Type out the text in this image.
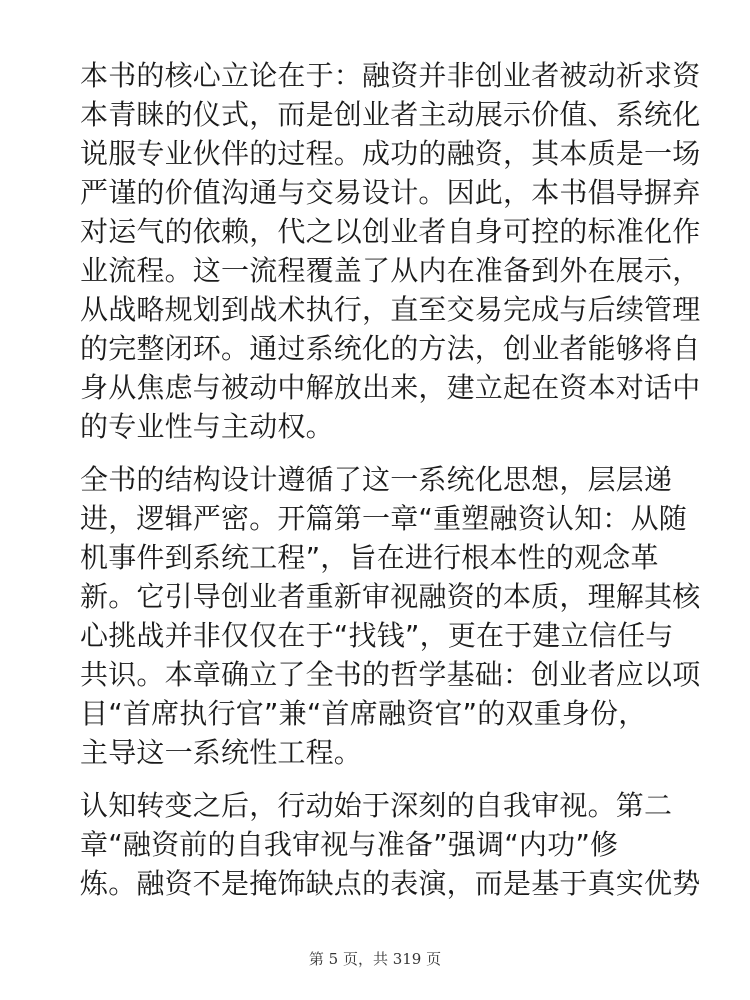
本书的核心立论在于：融资并非创业者被动祈求资
本青睐的仪式，而是创业者主动展示价值、系统化
说服专业伙伴的过程。成功的融资，其本质是一场
严谨的价值沟通与交易设计。因此，本书倡导摒弃
对运气的依赖，代之以创业者自身可控的标准化作
业流程。这一流程覆盖了从内在准备到外在展示，
从战略规划到战术执行，直至交易完成与后续管理
的完整闭环。通过系统化的方法，创业者能够将自
身从焦虑与被动中解放出来，建立起在资本对话中
的专业性与主动权。

全书的结构设计遵循了这一系统化思想，层层递
进，逻辑严密。开篇第一章“重塑融资认知：从随
机事件到系统工程”，旨在进行根本性的观念革
新。它引导创业者重新审视融资的本质，理解其核
心挑战并非仅仅在于“找钱”，更在于建立信任与
共识。本章确立了全书的哲学基础：创业者应以项
目“首席执行官”兼“首席融资官”的双重身份，
主导这一系统性工程。

认知转变之后，行动始于深刻的自我审视。第二
章“融资前的自我审视与准备”强调“内功”修
炼。融资不是掩饰缺点的表演，而是基于真实优势

第 5 页，共 319 页
